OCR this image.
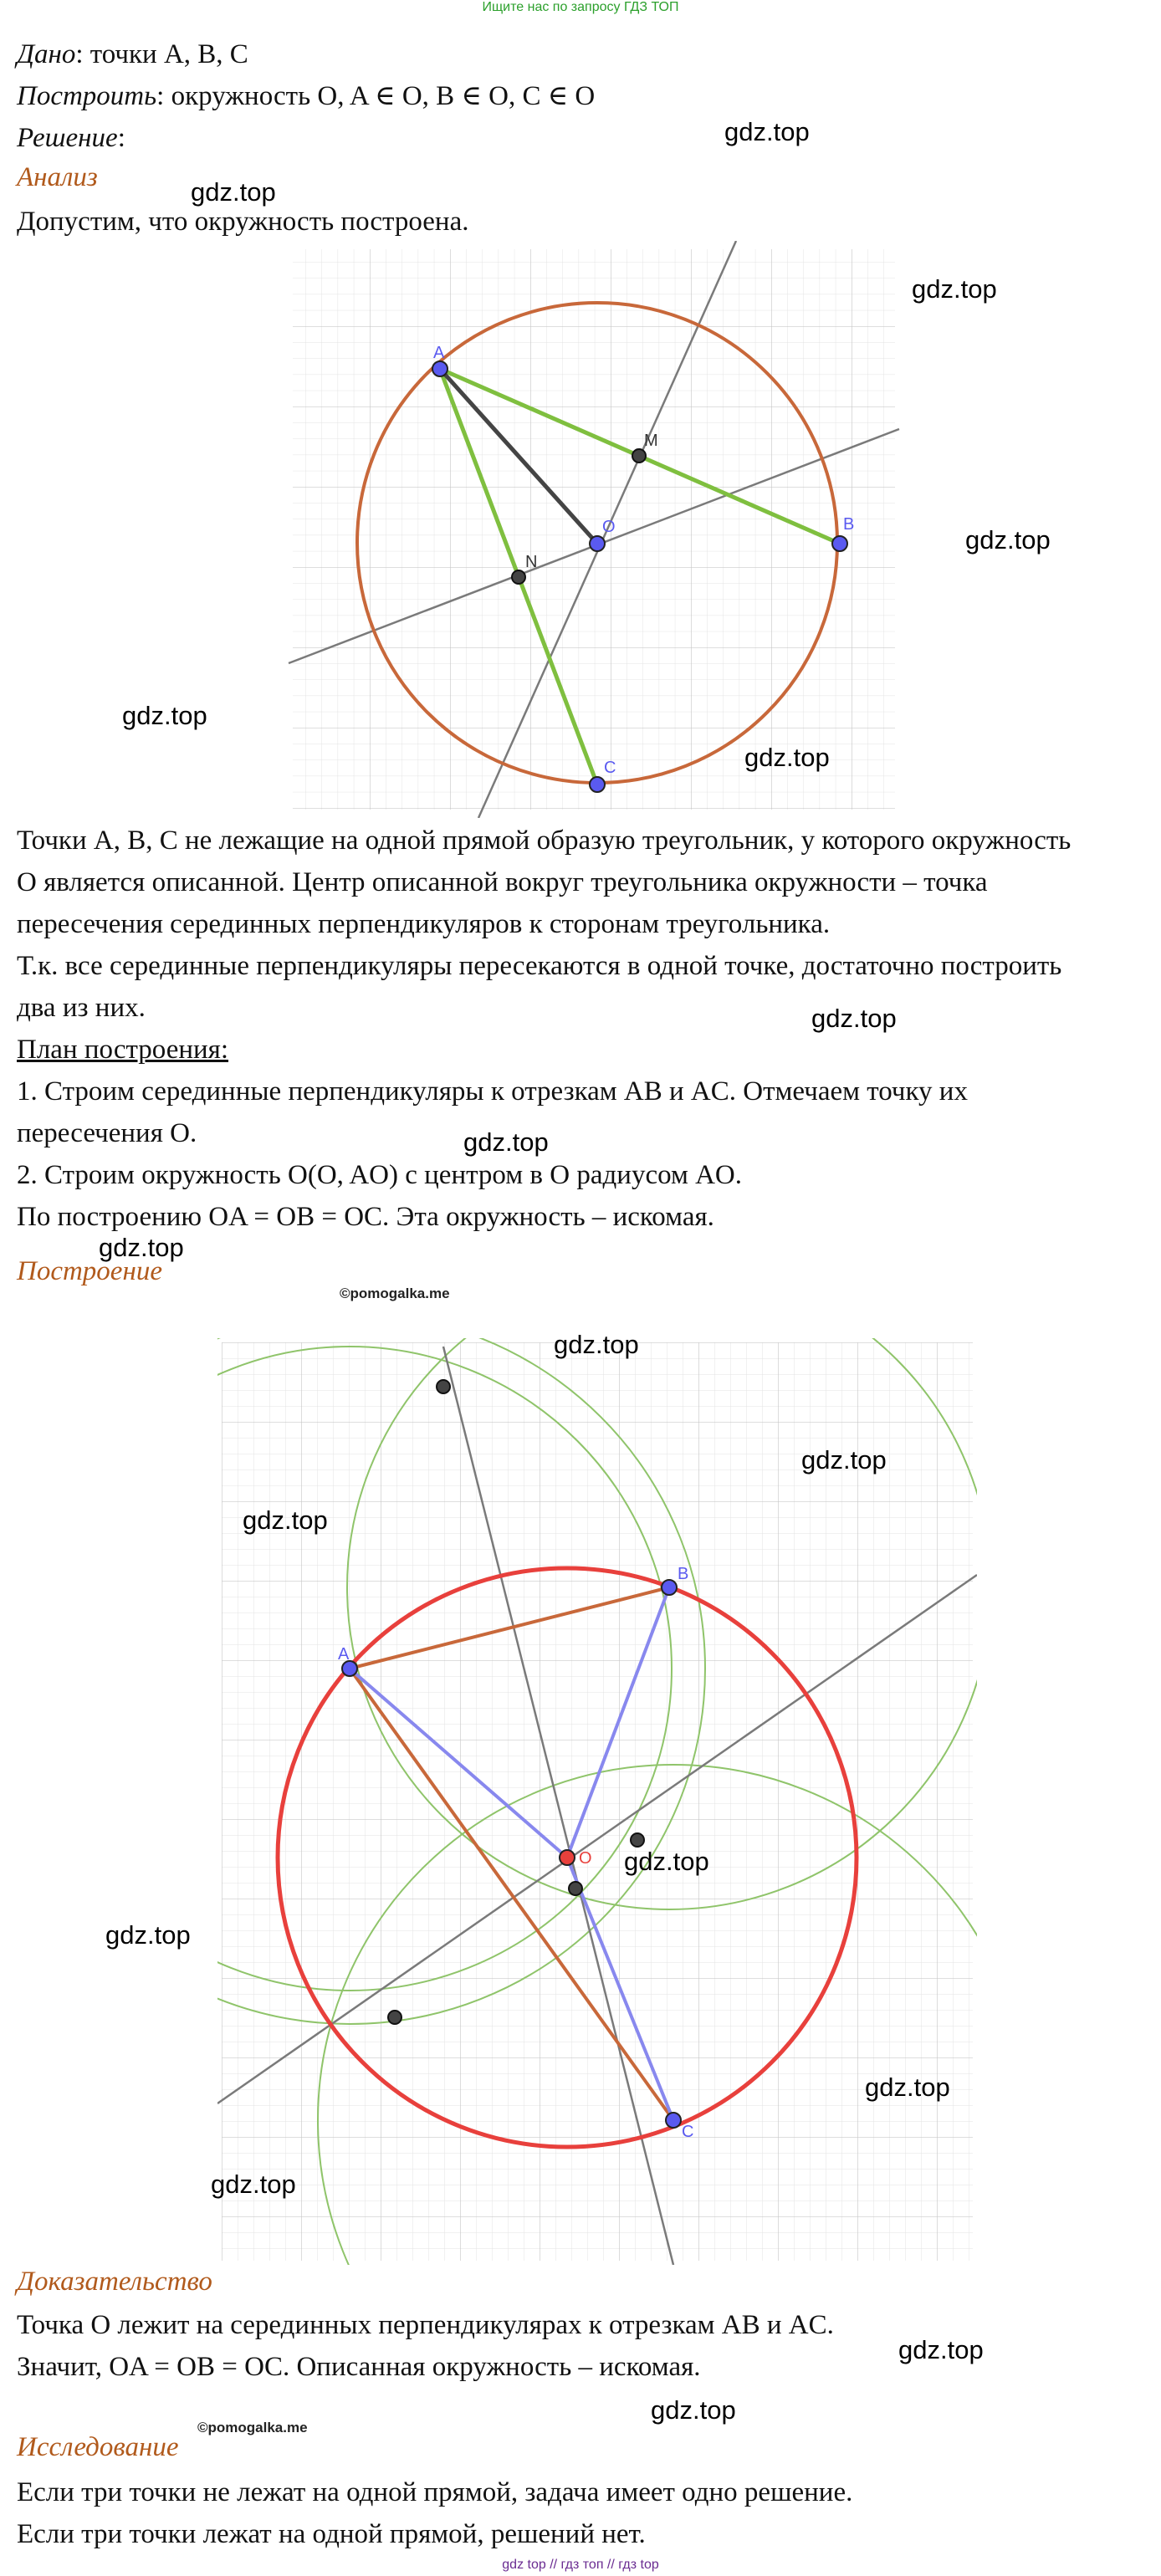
Ищите нас по запросу ГДЗ ТОП
Дано: точки A, B, C
Построить: окружность O, A ∈ O, B ∈ O, C ∈ O
Решение:
Анализ
Допустим, что окружность построена.
A
B
C
O
M
N
Точки A, B, C не лежащие на одной прямой образую треугольник, у которого окружность
O является описанной. Центр описанной вокруг треугольника окружности – точка
пересечения серединных перпендикуляров к сторонам треугольника.
Т.к. все серединные перпендикуляры пересекаются в одной точке, достаточно построить
два из них.
План построения:
1. Строим серединные перпендикуляры к отрезкам AB и AC. Отмечаем точку их
пересечения O.
2. Строим окружность O(O, AO) с центром в O радиусом AO.
По построению OA = OB = OC. Эта окружность – искомая.
Построение
©pomogalka.me
A
B
C
O
Доказательство
Точка O лежит на серединных перпендикулярах к отрезкам AB и AC.
Значит, OA = OB = OC. Описанная окружность – искомая.
©pomogalka.me
Исследование
Если три точки не лежат на одной прямой, задача имеет одно решение.
Если три точки лежат на одной прямой, решений нет.
gdz.top
gdz.top
gdz.top
gdz.top
gdz.top
gdz.top
gdz.top
gdz.top
gdz.top
gdz.top
gdz.top
gdz.top
gdz.top
gdz.top
gdz.top
gdz.top
gdz.top
gdz.top
gdz top // гдз топ // гдз top
